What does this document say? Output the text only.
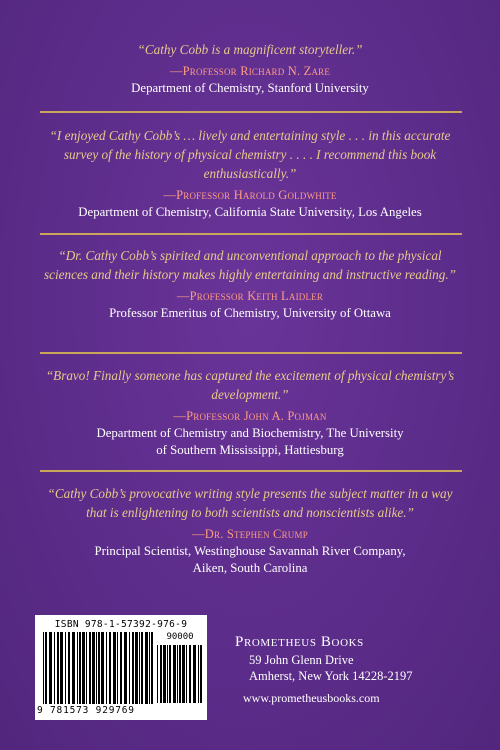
“Cathy Cobb is a magnificent storyteller.”

—Professor Richard N. Zare

Department of Chemistry, Stanford University

“I enjoyed Cathy Cobb’s … lively and entertaining style . . . in this accurate survey of the history of physical chemistry . . . . I recommend this book enthusiastically.”

—Professor Harold Goldwhite

Department of Chemistry, California State University, Los Angeles

“Dr. Cathy Cobb’s spirited and unconventional approach to the physical sciences and their history makes highly entertaining and instructive reading.”

—Professor Keith Laidler

Professor Emeritus of Chemistry, University of Ottawa

“Bravo! Finally someone has captured the excitement of physical chemistry’s development.”

—Professor John A. Pojman

Department of Chemistry and Biochemistry, The University

of Southern Mississippi, Hattiesburg

“Cathy Cobb’s provocative writing style presents the subject matter in a way that is enlightening to both scientists and nonscientists alike.”

—Dr. Stephen Crump

Principal Scientist, Westinghouse Savannah River Company,

Aiken, South Carolina

ISBN 978-1-57392-976-9
90000
9 781573 929769

Prometheus Books

59 John Glenn Drive

Amherst, New York 14228-2197

www.prometheusbooks.com
